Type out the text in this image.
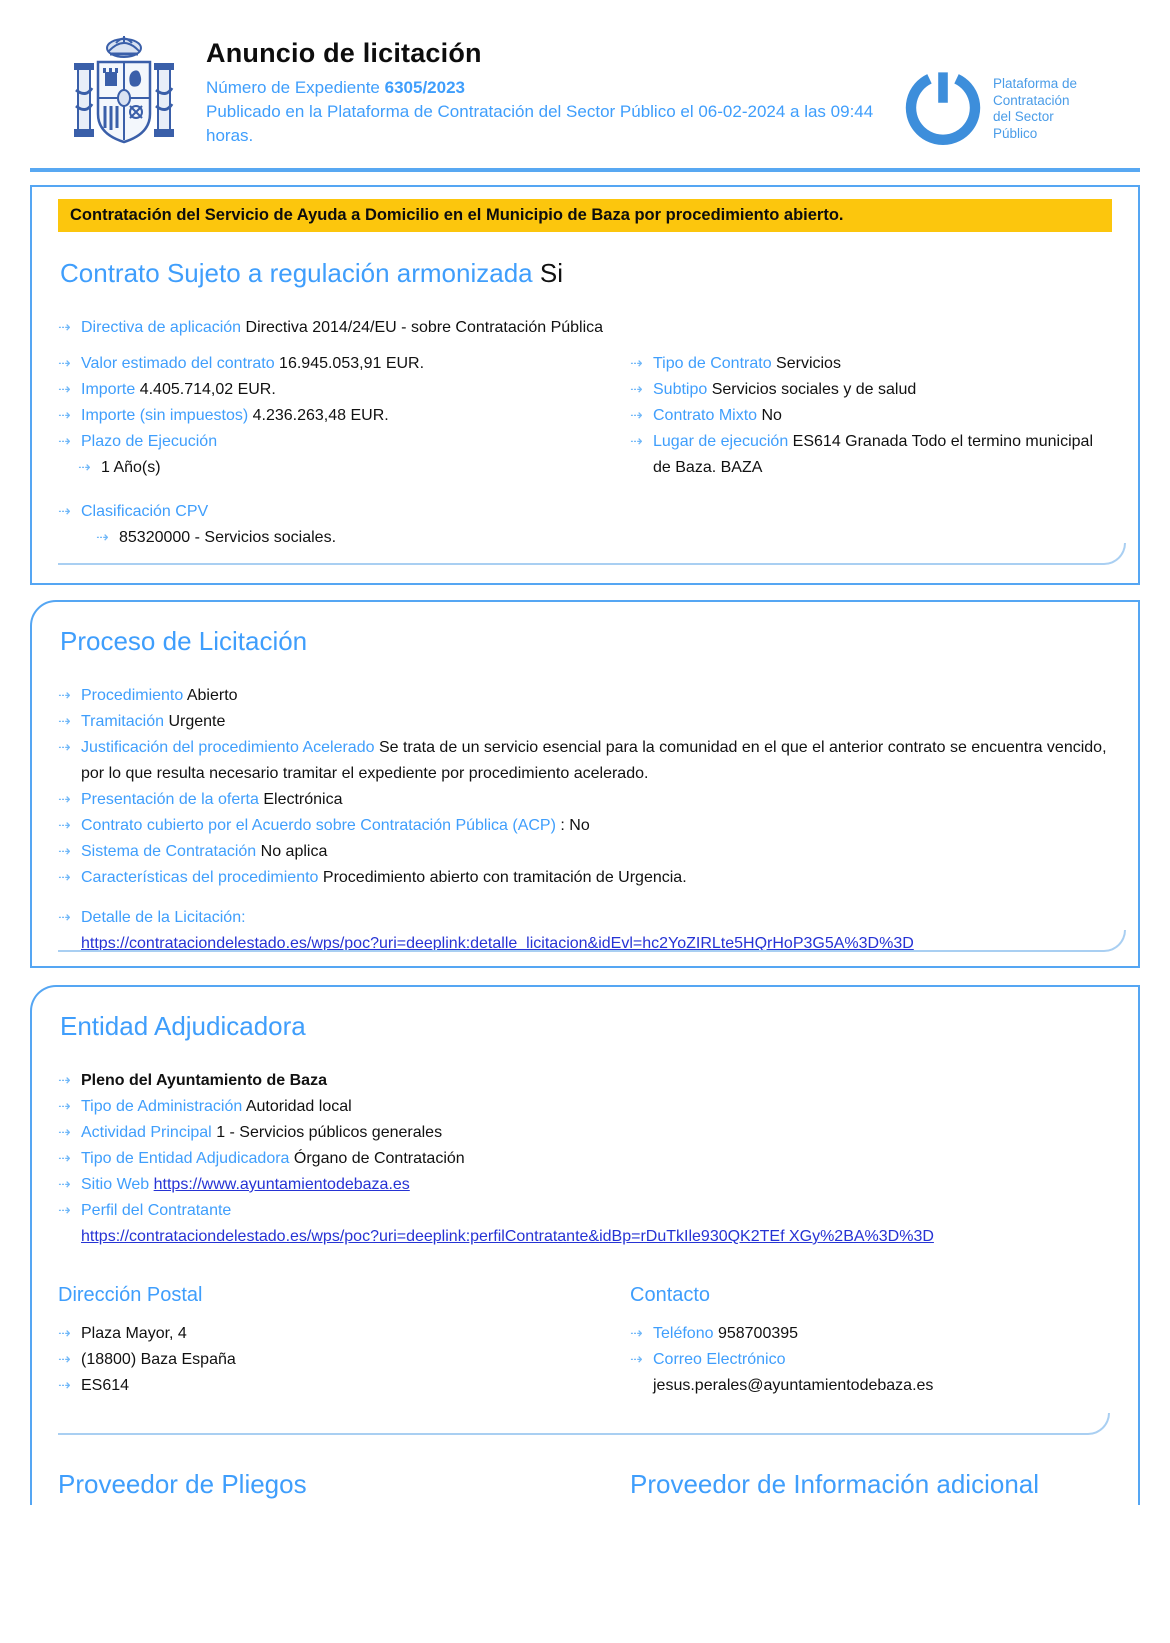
Anuncio de licitación
Número de Expediente 6305/2023
Publicado en la Plataforma de Contratación del Sector Público el 06-02-2024 a las 09:44 horas.
Plataforma de
Contratación
del Sector
Público
Contratación del Servicio de Ayuda a Domicilio en el Municipio de Baza por procedimiento abierto.
Contrato Sujeto a regulación armonizada Si
⇢ Directiva de aplicación Directiva 2014/24/EU - sobre Contratación Pública
⇢ Valor estimado del contrato 16.945.053,91 EUR.
⇢ Importe 4.405.714,02 EUR.
⇢ Importe (sin impuestos) 4.236.263,48 EUR.
⇢ Plazo de Ejecución
⇢ 1 Año(s)
⇢ Tipo de Contrato Servicios
⇢ Subtipo Servicios sociales y de salud
⇢ Contrato Mixto No
⇢ Lugar de ejecución ES614 Granada Todo el termino municipal de Baza. BAZA
⇢ Clasificación CPV
⇢ 85320000 - Servicios sociales.
Proceso de Licitación
⇢ Procedimiento Abierto
⇢ Tramitación Urgente
⇢ Justificación del procedimiento Acelerado Se trata de un servicio esencial para la comunidad en el que el anterior contrato se encuentra vencido, por lo que resulta necesario tramitar el expediente por procedimiento acelerado.
⇢ Presentación de la oferta Electrónica
⇢ Contrato cubierto por el Acuerdo sobre Contratación Pública (ACP) : No
⇢ Sistema de Contratación No aplica
⇢ Características del procedimiento Procedimiento abierto con tramitación de Urgencia.
⇢ Detalle de la Licitación:
https://contrataciondelestado.es/wps/poc?uri=deeplink:detalle_licitacion&idEvl=hc2YoZIRLte5HQrHoP3G5A%3D%3D
Entidad Adjudicadora
⇢ Pleno del Ayuntamiento de Baza
⇢ Tipo de Administración Autoridad local
⇢ Actividad Principal 1 - Servicios públicos generales
⇢ Tipo de Entidad Adjudicadora Órgano de Contratación
⇢ Sitio Web https://www.ayuntamientodebaza.es
⇢ Perfil del Contratante
https://contrataciondelestado.es/wps/poc?uri=deeplink:perfilContratante&idBp=rDuTkIle930QK2TEf XGy%2BA%3D%3D
Dirección Postal
⇢ Plaza Mayor, 4
⇢ (18800) Baza España
⇢ ES614
Contacto
⇢ Teléfono 958700395
⇢ Correo Electrónico
jesus.perales@ayuntamientodebaza.es
Proveedor de Pliegos	Proveedor de Información adicional
